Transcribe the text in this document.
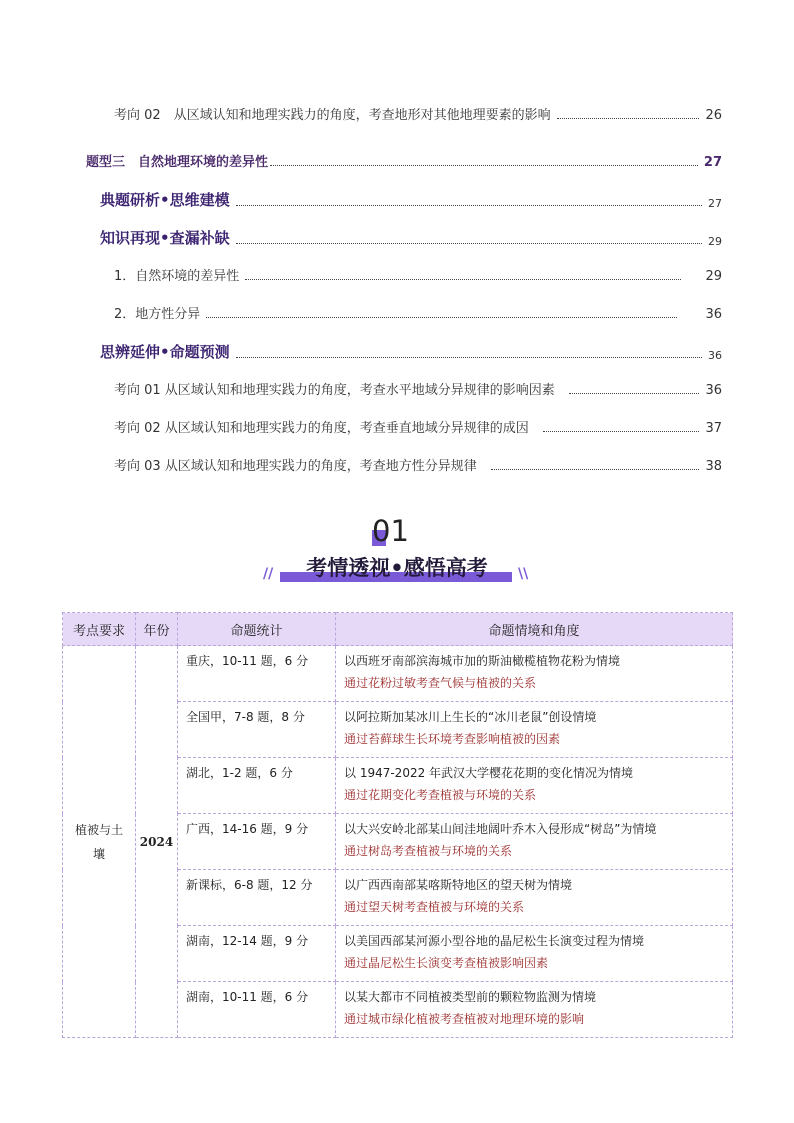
考向 02　从区域认知和地理实践力的角度，考查地形对其他地理要素的影响	26
题型三　自然地理环境的差异性	27
典题研析•思维建模	27
知识再现•查漏补缺	29
1．自然环境的差异性	29
2．地方性分异	36
思辨延伸•命题预测	36
考向 01 从区域认知和地理实践力的角度，考查水平地域分异规律的影响因素	36
考向 02 从区域认知和地理实践力的角度，考查垂直地域分异规律的成因	37
考向 03 从区域认知和地理实践力的角度，考查地方性分异规律	38
01
//	考情透视•感悟高考	\\
考点要求	年份	命题统计	命题情境和角度

植被与土壤	2024	重庆，10-11 题，6 分	以西班牙南部滨海城市加的斯油橄榄植物花粉为情境
通过花粉过敏考查气候与植被的关系

		全国甲，7-8 题，8 分	以阿拉斯加某冰川上生长的“冰川老鼠”创设情境
通过苔藓球生长环境考查影响植被的因素

		湖北，1-2 题，6 分	以 1947-2022 年武汉大学樱花花期的变化情况为情境
通过花期变化考查植被与环境的关系

		广西，14-16 题，9 分	以大兴安岭北部某山间洼地阔叶乔木入侵形成“树岛”为情境
通过树岛考查植被与环境的关系

		新课标，6-8 题，12 分	以广西西南部某喀斯特地区的望天树为情境
通过望天树考查植被与环境的关系

		湖南，12-14 题，9 分	以美国西部某河源小型谷地的晶尼松生长演变过程为情境
通过晶尼松生长演变考查植被影响因素

		湖南，10-11 题，6 分	以某大都市不同植被类型前的颗粒物监测为情境
通过城市绿化植被考查植被对地理环境的影响
